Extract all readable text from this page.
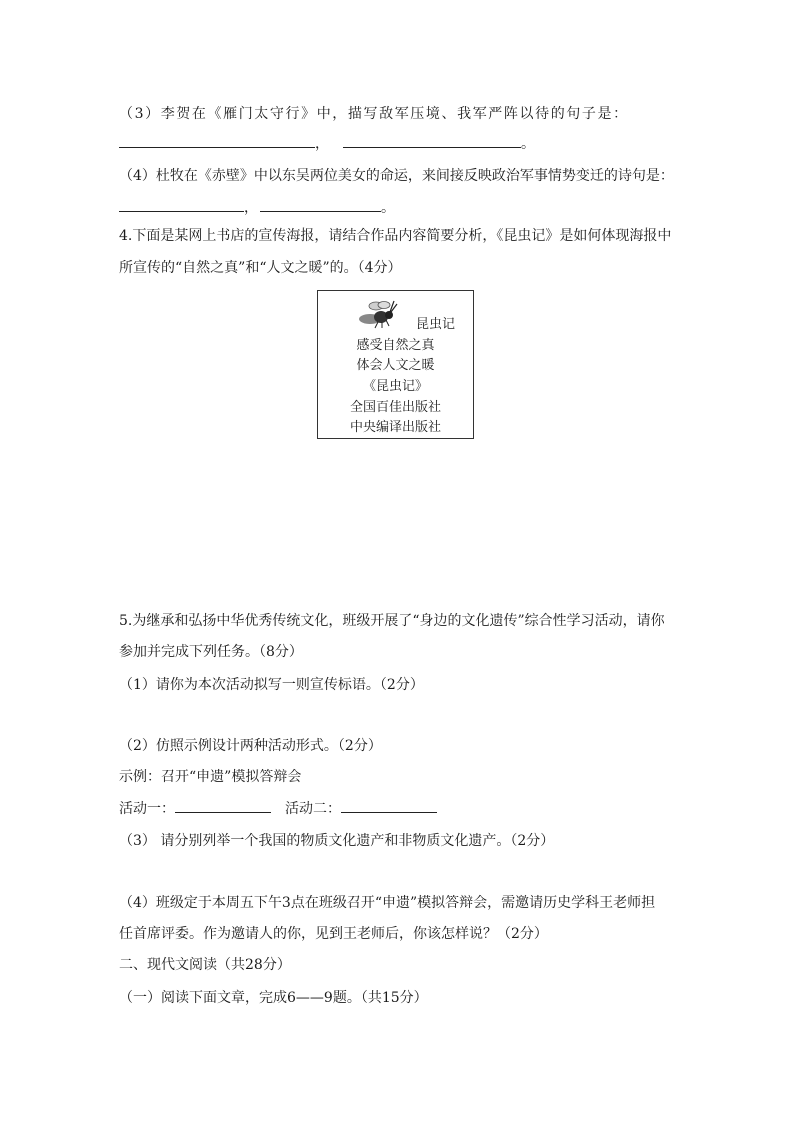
（3）李贺在《雁门太守行》中，描写敌军压境、我军严阵以待的句子是：
，	。
（4）杜牧在《赤壁》中以东吴两位美女的命运，来间接反映政治军事情势变迁的诗句是：
，	。
4.下面是某网上书店的宣传海报，请结合作品内容简要分析，《昆虫记》是如何体现海报中
所宣传的“自然之真”和“人文之暖”的。（4分）
昆虫记
感受自然之真
体会人文之暖
《昆虫记》
全国百佳出版社
中央编译出版社
5.为继承和弘扬中华优秀传统文化，班级开展了“身边的文化遗传”综合性学习活动，请你
参加并完成下列任务。（8分）
（1）请你为本次活动拟写一则宣传标语。（2分）
（2）仿照示例设计两种活动形式。（2分）
示例：召开“申遗”模拟答辩会
活动一：	活动二：
（3） 请分别列举一个我国的物质文化遗产和非物质文化遗产。（2分）
（4）班级定于本周五下午3点在班级召开“申遗”模拟答辩会，需邀请历史学科王老师担
任首席评委。作为邀请人的你，见到王老师后，你该怎样说？（2分）
二、现代文阅读（共28分）
（一）阅读下面文章，完成6——9题。（共15分）
